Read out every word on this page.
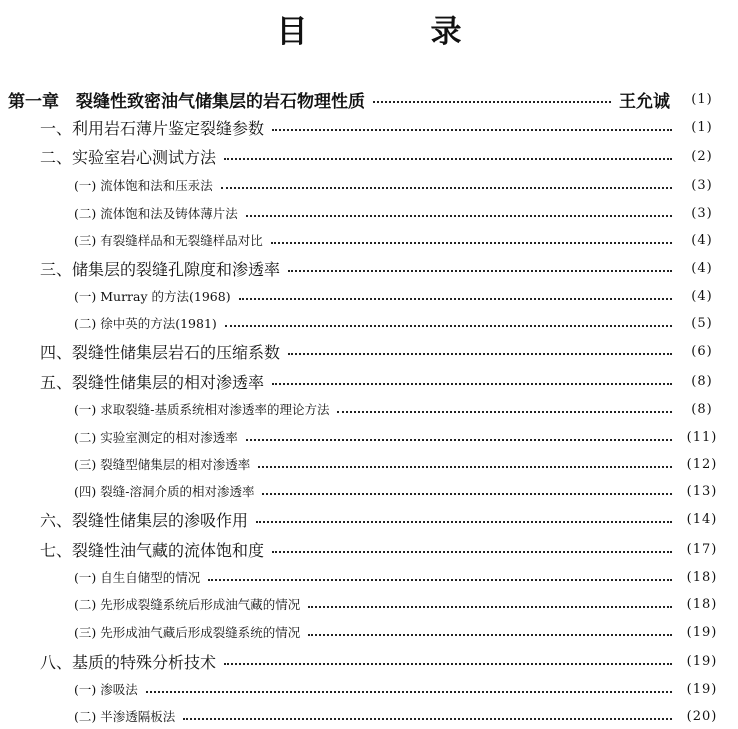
目　录
第一章　裂缝性致密油气储集层的岩石物理性质	王允诚	(1)
一、利用岩石薄片鉴定裂缝参数	(1)
二、实验室岩心测试方法	(2)
(一) 流体饱和法和压汞法	(3)
(二) 流体饱和法及铸体薄片法	(3)
(三) 有裂缝样品和无裂缝样品对比	(4)
三、储集层的裂缝孔隙度和渗透率	(4)
(一) Murray 的方法(1968)	(4)
(二) 徐中英的方法(1981)	(5)
四、裂缝性储集层岩石的压缩系数	(6)
五、裂缝性储集层的相对渗透率	(8)
(一) 求取裂缝-基质系统相对渗透率的理论方法	(8)
(二) 实验室测定的相对渗透率	(11)
(三) 裂缝型储集层的相对渗透率	(12)
(四) 裂缝-溶洞介质的相对渗透率	(13)
六、裂缝性储集层的渗吸作用	(14)
七、裂缝性油气藏的流体饱和度	(17)
(一) 自生自储型的情况	(18)
(二) 先形成裂缝系统后形成油气藏的情况	(18)
(三) 先形成油气藏后形成裂缝系统的情况	(19)
八、基质的特殊分析技术	(19)
(一) 渗吸法	(19)
(二) 半渗透隔板法	(20)
